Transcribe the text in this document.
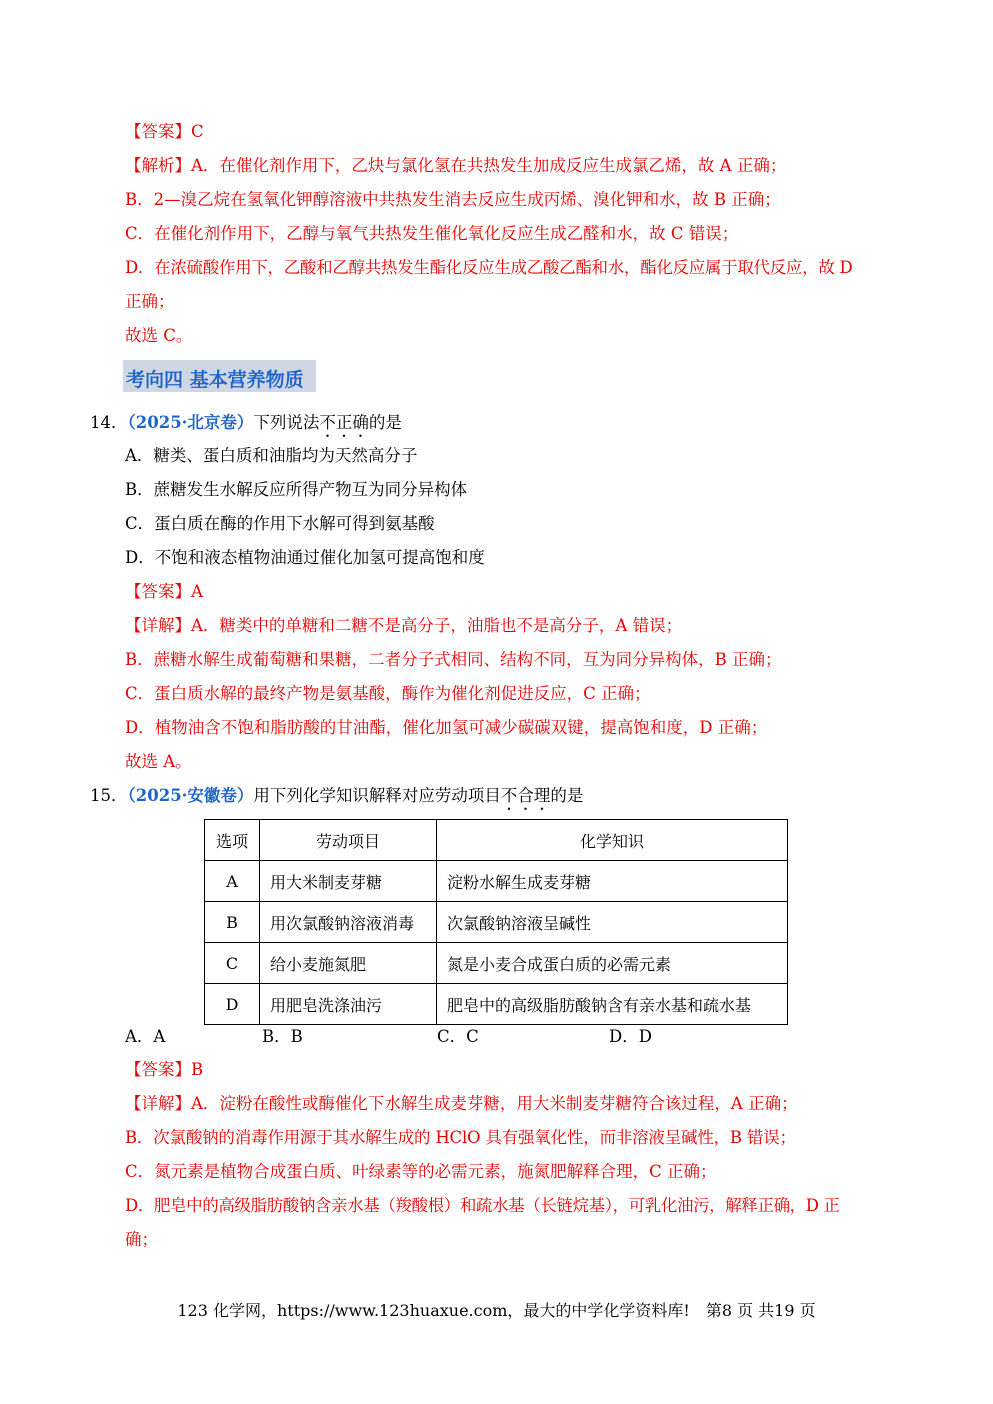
【答案】C
【解析】A．在催化剂作用下，乙炔与氯化氢在共热发生加成反应生成氯乙烯，故 A 正确；
B．2—溴乙烷在氢氧化钾醇溶液中共热发生消去反应生成丙烯、溴化钾和水，故 B 正确；
C．在催化剂作用下，乙醇与氧气共热发生催化氧化反应生成乙醛和水，故 C 错误；
D．在浓硫酸作用下，乙酸和乙醇共热发生酯化反应生成乙酸乙酯和水，酯化反应属于取代反应，故 D
正确；
故选 C。
考向四 基本营养物质
14．（2025·北京卷）下列说法不正确的是
A．糖类、蛋白质和油脂均为天然高分子
B．蔗糖发生水解反应所得产物互为同分异构体
C．蛋白质在酶的作用下水解可得到氨基酸
D．不饱和液态植物油通过催化加氢可提高饱和度
【答案】A
【详解】A．糖类中的单糖和二糖不是高分子，油脂也不是高分子，A 错误；
B．蔗糖水解生成葡萄糖和果糖，二者分子式相同、结构不同，互为同分异构体，B 正确；
C．蛋白质水解的最终产物是氨基酸，酶作为催化剂促进反应，C 正确；
D．植物油含不饱和脂肪酸的甘油酯，催化加氢可减少碳碳双键，提高饱和度，D 正确；
故选 A。
15．（2025·安徽卷）用下列化学知识解释对应劳动项目不合理的是
选项	劳动项目	化学知识
A	用大米制麦芽糖	淀粉水解生成麦芽糖
B	用次氯酸钠溶液消毒	次氯酸钠溶液呈碱性
C	给小麦施氮肥	氮是小麦合成蛋白质的必需元素
D	用肥皂洗涤油污	肥皂中的高级脂肪酸钠含有亲水基和疏水基
A．A	B．B	C．C	D．D
【答案】B
【详解】A．淀粉在酸性或酶催化下水解生成麦芽糖，用大米制麦芽糖符合该过程，A 正确；
B．次氯酸钠的消毒作用源于其水解生成的 HClO 具有强氧化性，而非溶液呈碱性，B 错误；
C．氮元素是植物合成蛋白质、叶绿素等的必需元素，施氮肥解释合理，C 正确；
D．肥皂中的高级脂肪酸钠含亲水基（羧酸根）和疏水基（长链烷基），可乳化油污，解释正确，D 正
确；
123 化学网，https://www.123huaxue.com，最大的中学化学资料库!　第8 页 共19 页
